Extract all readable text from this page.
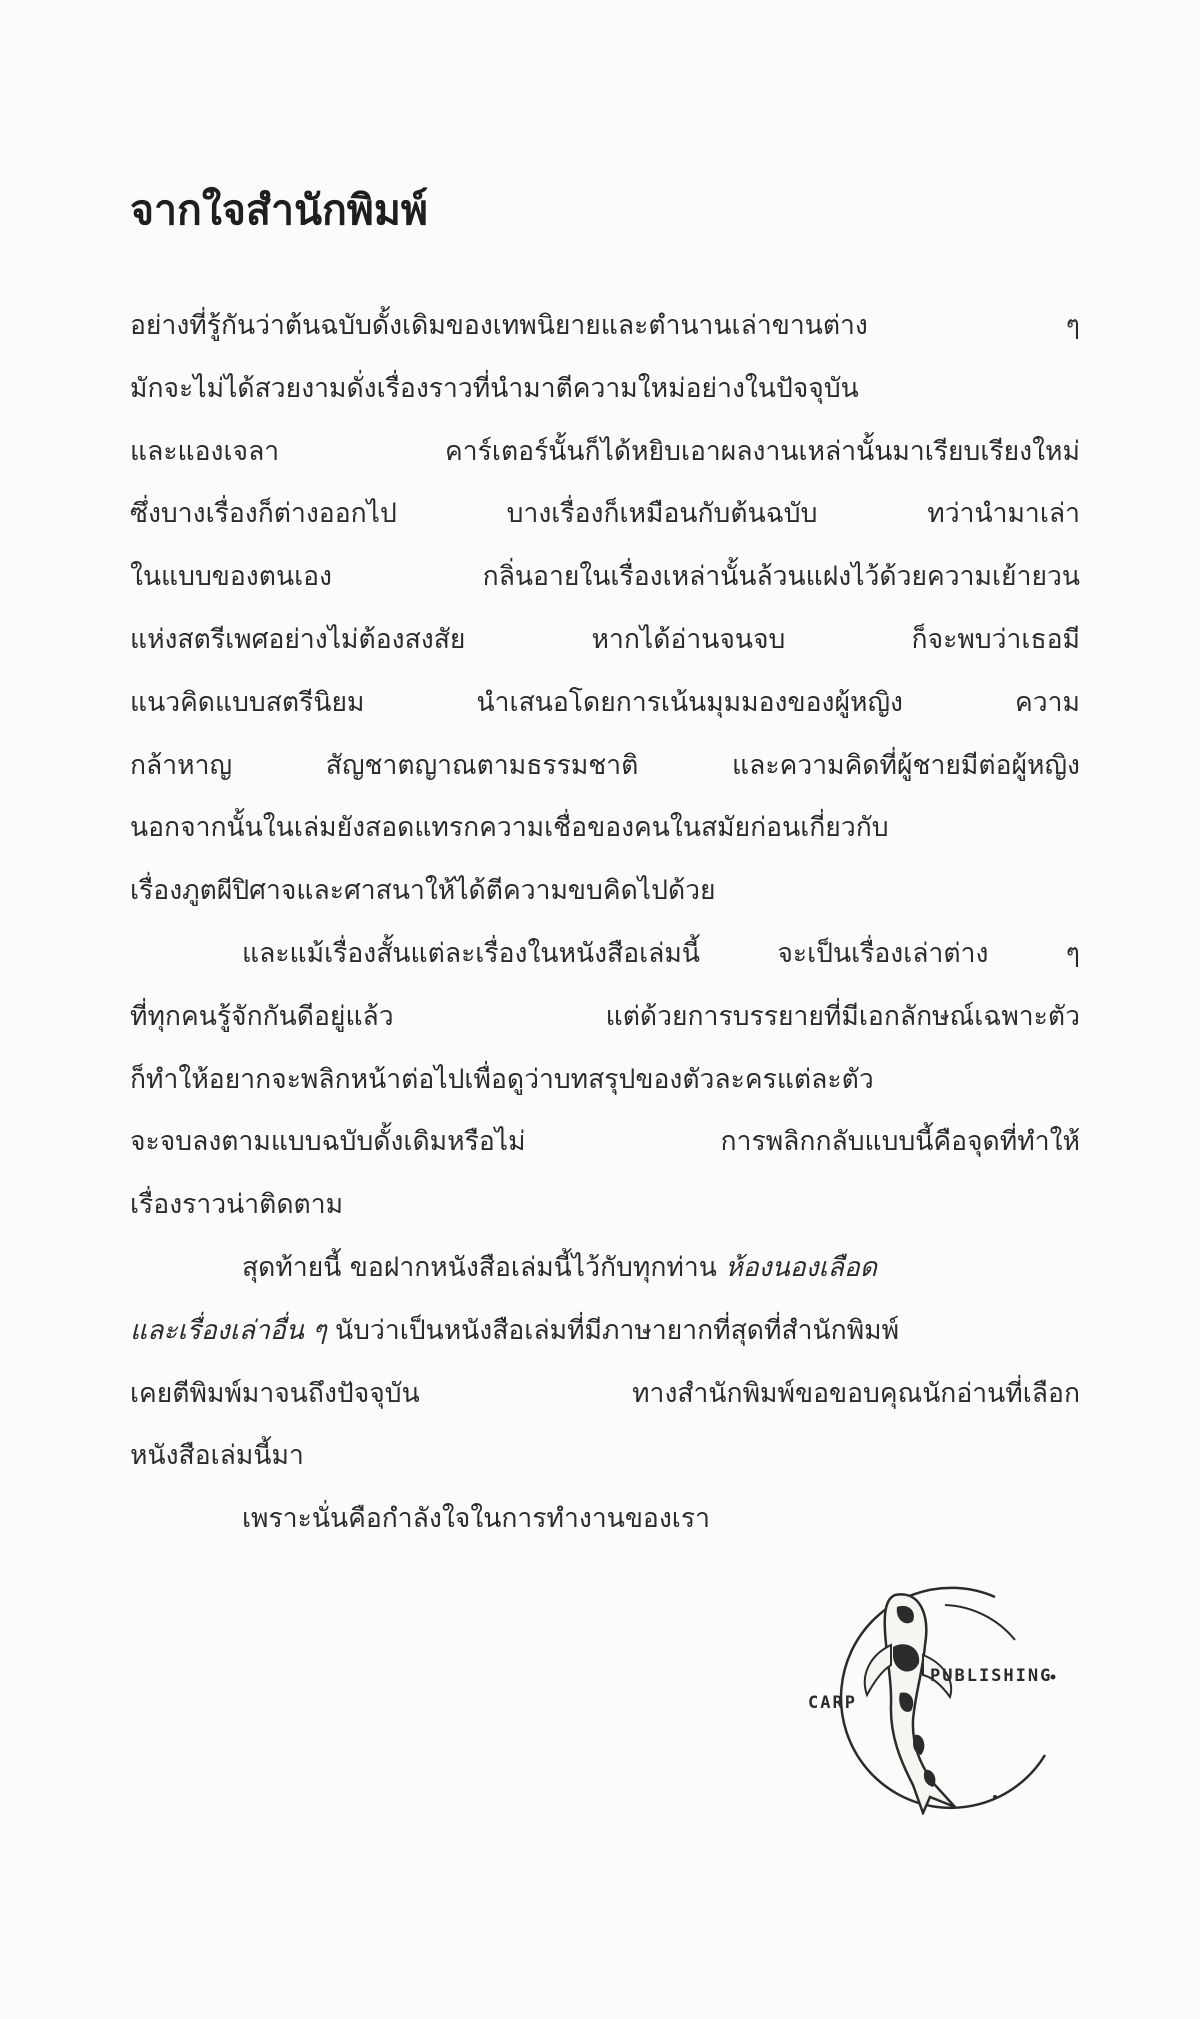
จากใจสำนักพิมพ์
อย่างที่รู้กันว่าต้นฉบับดั้งเดิมของเทพนิยายและตำนานเล่าขานต่าง ๆ
มักจะไม่ได้สวยงามดั่งเรื่องราวที่นำมาตีความใหม่อย่างในปัจจุบัน
และแองเจลา คาร์เตอร์นั้นก็ได้หยิบเอาผลงานเหล่านั้นมาเรียบเรียงใหม่
ซึ่งบางเรื่องก็ต่างออกไป บางเรื่องก็เหมือนกับต้นฉบับ ทว่านำมาเล่า
ในแบบของตนเอง กลิ่นอายในเรื่องเหล่านั้นล้วนแฝงไว้ด้วยความเย้ายวน
แห่งสตรีเพศอย่างไม่ต้องสงสัย หากได้อ่านจนจบ ก็จะพบว่าเธอมี
แนวคิดแบบสตรีนิยม นำเสนอโดยการเน้นมุมมองของผู้หญิง ความ
กล้าหาญ สัญชาตญาณตามธรรมชาติ และความคิดที่ผู้ชายมีต่อผู้หญิง
นอกจากนั้นในเล่มยังสอดแทรกความเชื่อของคนในสมัยก่อนเกี่ยวกับ
เรื่องภูตผีปิศาจและศาสนาให้ได้ตีความขบคิดไปด้วย
และแม้เรื่องสั้นแต่ละเรื่องในหนังสือเล่มนี้ จะเป็นเรื่องเล่าต่าง ๆ
ที่ทุกคนรู้จักกันดีอยู่แล้ว แต่ด้วยการบรรยายที่มีเอกลักษณ์เฉพาะตัว
ก็ทำให้อยากจะพลิกหน้าต่อไปเพื่อดูว่าบทสรุปของตัวละครแต่ละตัว
จะจบลงตามแบบฉบับดั้งเดิมหรือไม่ การพลิกกลับแบบนี้คือจุดที่ทำให้
เรื่องราวน่าติดตาม
สุดท้ายนี้ ขอฝากหนังสือเล่มนี้ไว้กับทุกท่าน ห้องนองเลือด
และเรื่องเล่าอื่น ๆ นับว่าเป็นหนังสือเล่มที่มีภาษายากที่สุดที่สำนักพิมพ์
เคยตีพิมพ์มาจนถึงปัจจุบัน ทางสำนักพิมพ์ขอขอบคุณนักอ่านที่เลือก
หนังสือเล่มนี้มา
เพราะนั่นคือกำลังใจในการทำงานของเรา
CARP
PUBLISHING
